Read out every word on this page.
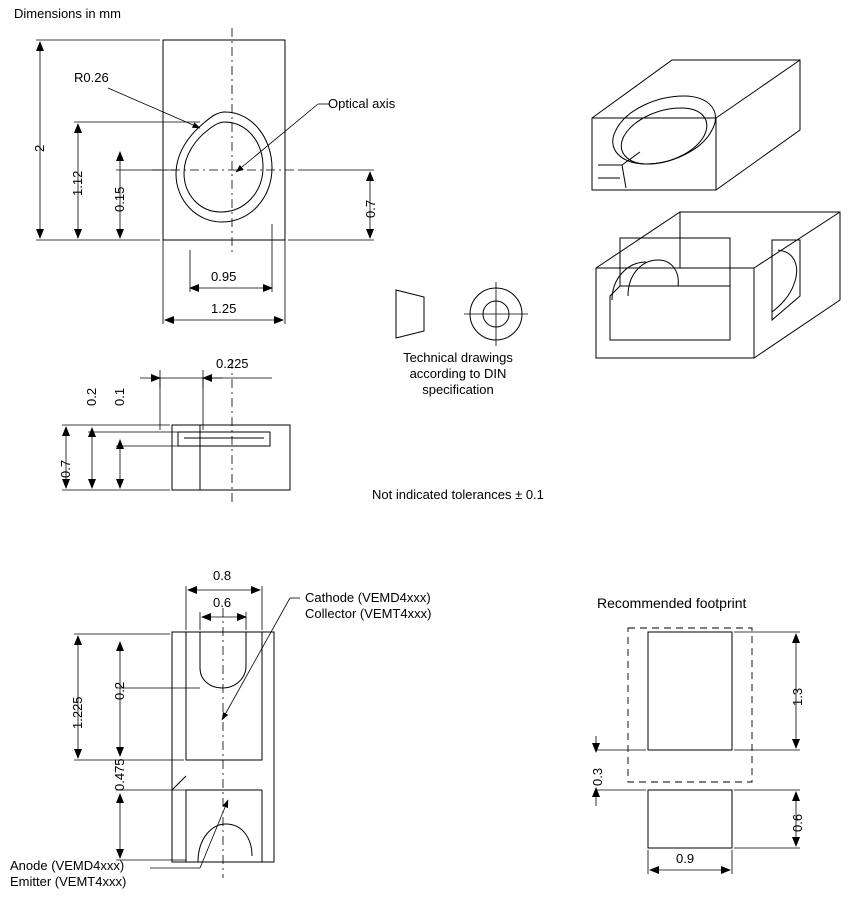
Dimensions in mm
2
1.12
0.15
R0.26
Optical axis
0.7
0.95
1.25
Technical drawings
according to DIN
specification
Not indicated tolerances ± 0.1
0.225
0.7
0.2 0.1
0.8
0.6
1.225
0.2
0.475
Cathode (VEMD4xxx)
Collector (VEMT4xxx)
Anode (VEMD4xxx)
Emitter (VEMT4xxx)
Recommended footprint
1.3
0.6
0.3
0.9
